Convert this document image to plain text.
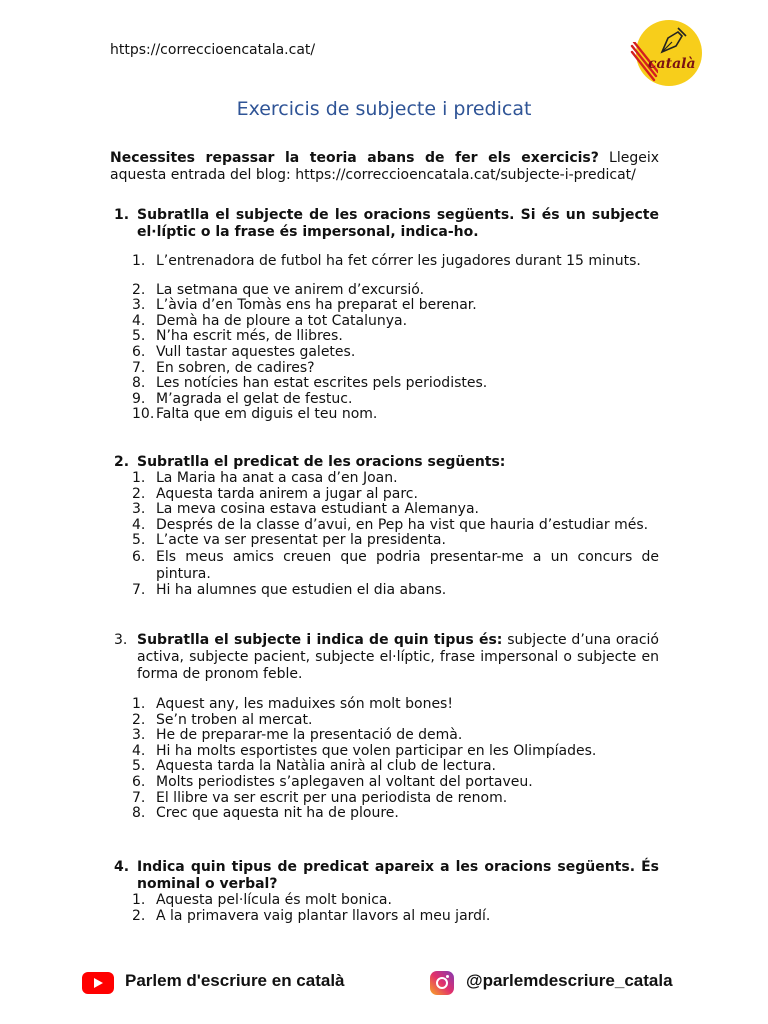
https://correccioencatala.cat/
català
Exercicis de subjecte i predicat
Necessites repassar la teoria abans de fer els exercicis? Llegeix aquesta entrada del blog: https://correccioencatala.cat/subjecte-i-predicat/
1. Subratlla el subjecte de les oracions següents. Si és un subjecte el·líptic o la frase és impersonal, indica-ho.
1. L’entrenadora de futbol ha fet córrer les jugadores durant 15 minuts.
2. La setmana que ve anirem d’excursió.
3. L’àvia d’en Tomàs ens ha preparat el berenar.
4. Demà ha de ploure a tot Catalunya.
5. N’ha escrit més, de llibres.
6. Vull tastar aquestes galetes.
7. En sobren, de cadires?
8. Les notícies han estat escrites pels periodistes.
9. M’agrada el gelat de festuc.
10. Falta que em diguis el teu nom.
2. Subratlla el predicat de les oracions següents:
1. La Maria ha anat a casa d’en Joan.
2. Aquesta tarda anirem a jugar al parc.
3. La meva cosina estava estudiant a Alemanya.
4. Després de la classe d’avui, en Pep ha vist que hauria d’estudiar més.
5. L’acte va ser presentat per la presidenta.
6. Els meus amics creuen que podria presentar-me a un concurs de pintura.
7. Hi ha alumnes que estudien el dia abans.
3. Subratlla el subjecte i indica de quin tipus és: subjecte d’una oració activa, subjecte pacient, subjecte el·líptic, frase impersonal o subjecte en forma de pronom feble.
1. Aquest any, les maduixes són molt bones!
2. Se’n troben al mercat.
3. He de preparar-me la presentació de demà.
4. Hi ha molts esportistes que volen participar en les Olimpíades.
5. Aquesta tarda la Natàlia anirà al club de lectura.
6. Molts periodistes s’aplegaven al voltant del portaveu.
7. El llibre va ser escrit per una periodista de renom.
8. Crec que aquesta nit ha de ploure.
4. Indica quin tipus de predicat apareix a les oracions següents. És nominal o verbal?
1. Aquesta pel·lícula és molt bonica.
2. A la primavera vaig plantar llavors al meu jardí.
Parlem d'escriure en català	@parlemdescriure_catala
